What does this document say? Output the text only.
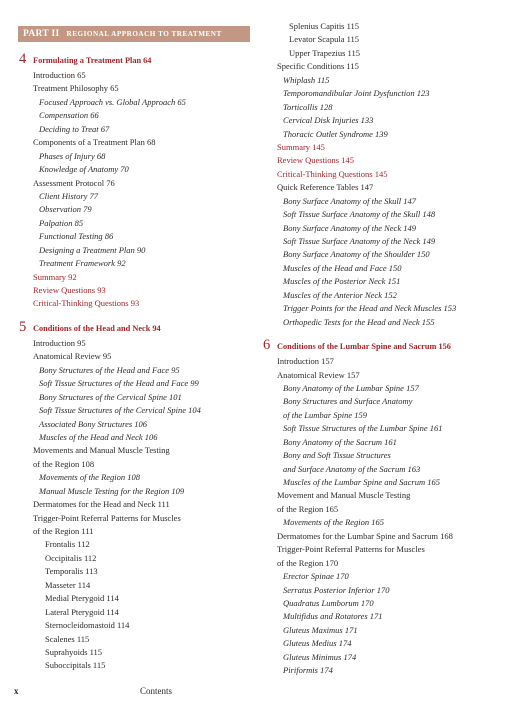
PART II REGIONAL APPROACH TO TREATMENT
4 Formulating a Treatment Plan 64
Introduction 65
Treatment Philosophy 65
Focused Approach vs. Global Approach 65
Compensation 66
Deciding to Treat 67
Components of a Treatment Plan 68
Phases of Injury 68
Knowledge of Anatomy 70
Assessment Protocol 76
Client History 77
Observation 79
Palpation 85
Functional Testing 86
Designing a Treatment Plan 90
Treatment Framework 92
Summary 92
Review Questions 93
Critical-Thinking Questions 93
5 Conditions of the Head and Neck 94
Introduction 95
Anatomical Review 95
Bony Structures of the Head and Face 95
Soft Tissue Structures of the Head and Face 99
Bony Structures of the Cervical Spine 101
Soft Tissue Structures of the Cervical Spine 104
Associated Bony Structures 106
Muscles of the Head and Neck 106
Movements and Manual Muscle Testing
of the Region 108
Movements of the Region 108
Manual Muscle Testing for the Region 109
Dermatomes for the Head and Neck 111
Trigger-Point Referral Patterns for Muscles
of the Region 111
Frontalis 112
Occipitalis 112
Temporalis 113
Masseter 114
Medial Pterygoid 114
Lateral Pterygoid 114
Sternocleidomastoid 114
Scalenes 115
Suprahyoids 115
Suboccipitals 115
Splenius Capitis 115
Levator Scapula 115
Upper Trapezius 115
Specific Conditions 115
Whiplash 115
Temporomandibular Joint Dysfunction 123
Torticollis 128
Cervical Disk Injuries 133
Thoracic Outlet Syndrome 139
Summary 145
Review Questions 145
Critical-Thinking Questions 145
Quick Reference Tables 147
Bony Surface Anatomy of the Skull 147
Soft Tissue Surface Anatomy of the Skull 148
Bony Surface Anatomy of the Neck 149
Soft Tissue Surface Anatomy of the Neck 149
Bony Surface Anatomy of the Shoulder 150
Muscles of the Head and Face 150
Muscles of the Posterior Neck 151
Muscles of the Anterior Neck 152
Trigger Points for the Head and Neck Muscles 153
Orthopedic Tests for the Head and Neck 155
6 Conditions of the Lumbar Spine and Sacrum 156
Introduction 157
Anatomical Review 157
Bony Anatomy of the Lumbar Spine 157
Bony Structures and Surface Anatomy
of the Lumbar Spine 159
Soft Tissue Structures of the Lumbar Spine 161
Bony Anatomy of the Sacrum 161
Bony and Soft Tissue Structures
and Surface Anatomy of the Sacrum 163
Muscles of the Lumbar Spine and Sacrum 165
Movement and Manual Muscle Testing
of the Region 165
Movements of the Region 165
Dermatomes for the Lumbar Spine and Sacrum 168
Trigger-Point Referral Patterns for Muscles
of the Region 170
Erector Spinae 170
Serratus Posterior Inferior 170
Quadratus Lumborum 170
Multifidus and Rotatores 171
Gluteus Maximus 171
Gluteus Medius 174
Gluteus Minimus 174
Piriformis 174
x	Contents
